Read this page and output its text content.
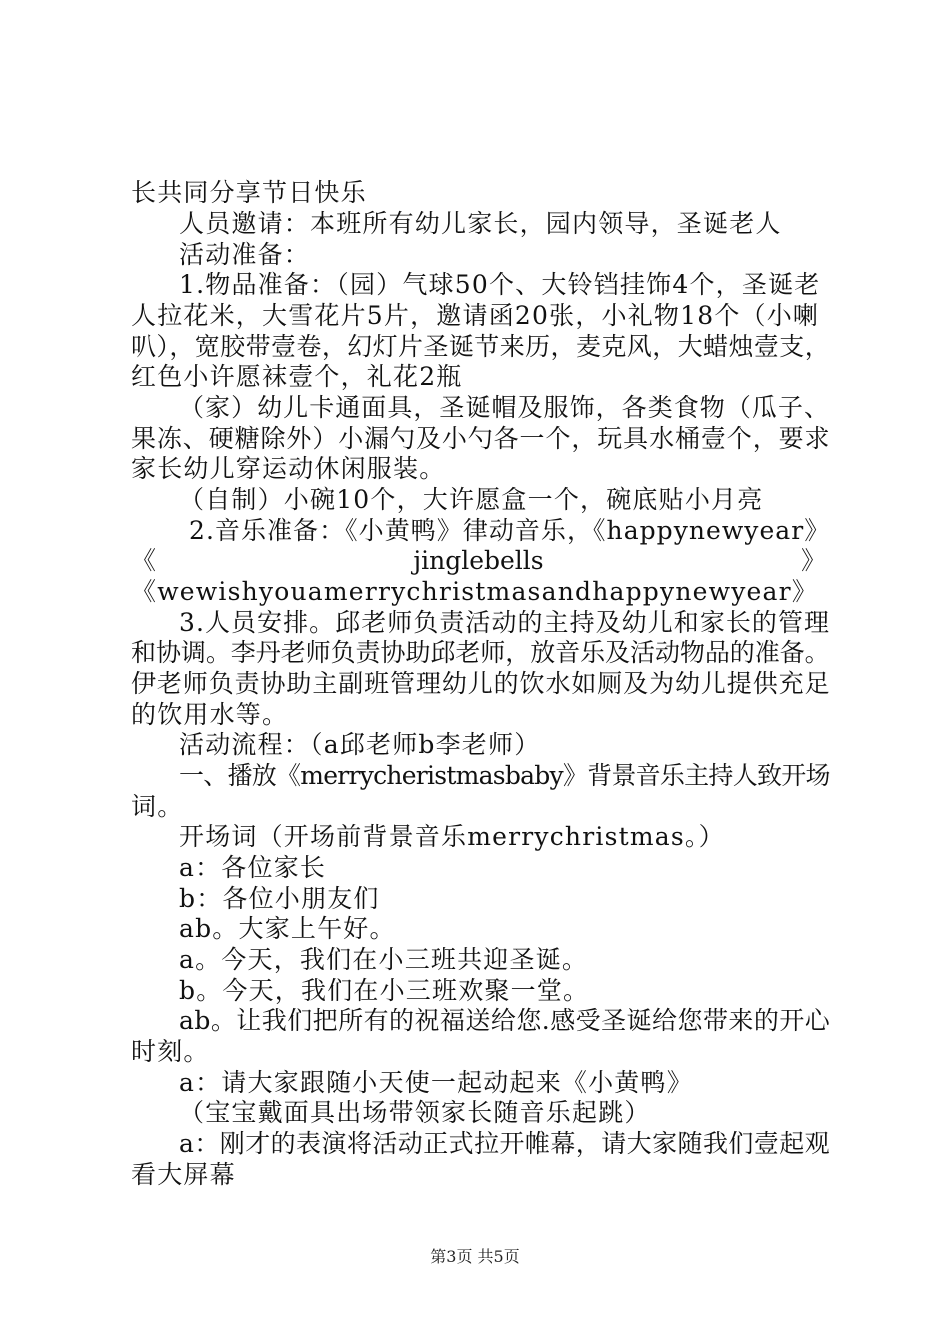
长共同分享节日快乐
人员邀请：本班所有幼儿家长，园内领导，圣诞老人
活动准备：
1.物品准备：（园）气球50个、大铃铛挂饰4个，圣诞老
人拉花米，大雪花片5片，邀请函20张，小礼物18个（小喇
叭），宽胶带壹卷，幻灯片圣诞节来历，麦克风，大蜡烛壹支，
红色小许愿袜壹个，礼花2瓶
（家）幼儿卡通面具，圣诞帽及服饰，各类食物（瓜子、
果冻、硬糖除外）小漏勺及小勺各一个，玩具水桶壹个，要求
家长幼儿穿运动休闲服装。
（自制）小碗10个，大许愿盒一个，碗底贴小月亮
2.音乐准备：《小黄鸭》律动音乐，《happynewyear》
《	jinglebells	》
《wewishyouamerrychristmasandhappynewyear》
3.人员安排。邱老师负责活动的主持及幼儿和家长的管理
和协调。李丹老师负责协助邱老师，放音乐及活动物品的准备。
伊老师负责协助主副班管理幼儿的饮水如厕及为幼儿提供充足
的饮用水等。
活动流程：（a邱老师b李老师）
一、播放《merrycheristmasbaby》背景音乐主持人致开场
词。
开场词（开场前背景音乐merrychristmas。）
a：各位家长
b：各位小朋友们
ab。大家上午好。
a。今天，我们在小三班共迎圣诞。
b。今天，我们在小三班欢聚一堂。
ab。让我们把所有的祝福送给您.感受圣诞给您带来的开心
时刻。
a：请大家跟随小天使一起动起来《小黄鸭》
（宝宝戴面具出场带领家长随音乐起跳）
a：刚才的表演将活动正式拉开帷幕，请大家随我们壹起观
看大屏幕
第3页 共5页
